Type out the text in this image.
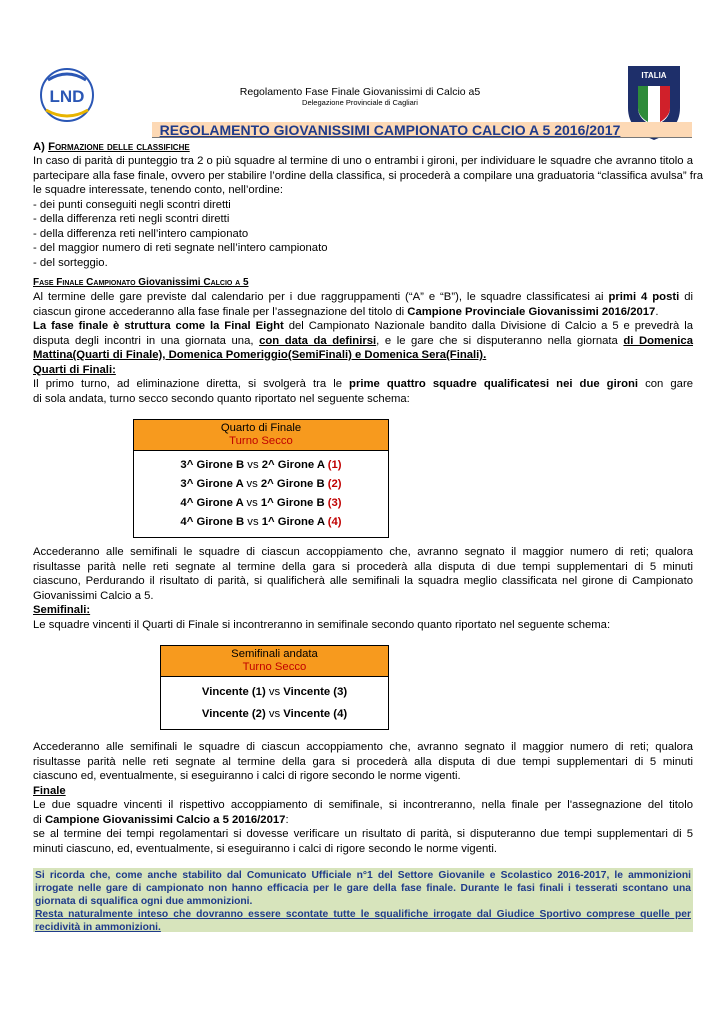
LND
ITALIA
Regolamento Fase Finale Giovanissimi di Calcio a5
Delegazione Provinciale di Cagliari
REGOLAMENTO GIOVANISSIMI CAMPIONATO CALCIO A 5 2016/2017
A) Formazione delle classifiche
In caso di parità di punteggio tra 2 o più squadre al termine di uno o entrambi i gironi, per individuare le squadre che avranno titolo a
partecipare alla fase finale, ovvero per stabilire l’ordine della classifica, si procederà a compilare una graduatoria “classifica avulsa” fra
le squadre interessate, tenendo conto, nell’ordine:
- dei punti conseguiti negli scontri diretti
- della differenza reti negli scontri diretti
- della differenza reti nell’intero campionato
- del maggior numero di reti segnate nell’intero campionato
- del sorteggio.
Fase Finale Campionato Giovanissimi Calcio a 5
Al termine delle gare previste dal calendario per i due raggruppamenti (“A” e “B”), le squadre classificatesi ai primi 4 posti di
ciascun girone accederanno alla fase finale per l’assegnazione del titolo di Campione Provinciale Giovanissimi 2016/2017.
La fase finale è struttura come la Final Eight del Campionato Nazionale bandito dalla Divisione di Calcio a 5 e prevedrà la
disputa degli incontri in una giornata una, con data da definirsi, e le gare che si disputeranno nella giornata di Domenica
Mattina(Quarti di Finale), Domenica Pomeriggio(SemiFinali) e Domenica Sera(Finali).
Quarti di Finali:
Il primo turno, ad eliminazione diretta, si svolgerà tra le prime quattro squadre qualificatesi nei due gironi con gare
di sola andata, turno secco secondo quanto riportato nel seguente schema:
Quarto di Finale
Turno Secco

3^ Girone B vs 2^ Girone A (1)
3^ Girone A vs 2^ Girone B (2)
4^ Girone A vs 1^ Girone B (3)
4^ Girone B vs 1^ Girone A (4)
Accederanno alle semifinali le squadre di ciascun accoppiamento che, avranno segnato il maggior numero di reti; qualora
risultasse parità nelle reti segnate al termine della gara si procederà alla disputa di due tempi supplementari di 5 minuti
ciascuno, Perdurando il risultato di parità, si qualificherà alle semifinali la squadra meglio classificata nel girone di Campionato
Giovanissimi Calcio a 5.
Semifinali:
Le squadre vincenti il Quarti di Finale si incontreranno in semifinale secondo quanto riportato nel seguente schema:
Semifinali andata
Turno Secco

Vincente (1) vs Vincente (3)
Vincente (2) vs Vincente (4)
Accederanno alle semifinali le squadre di ciascun accoppiamento che, avranno segnato il maggior numero di reti; qualora
risultasse parità nelle reti segnate al termine della gara si procederà alla disputa di due tempi supplementari di 5 minuti
ciascuno ed, eventualmente, si eseguiranno i calci di rigore secondo le norme vigenti.
Finale
Le due squadre vincenti il rispettivo accoppiamento di semifinale, si incontreranno, nella finale per l'assegnazione del titolo
di Campione Giovanissimi Calcio a 5 2016/2017:
se al termine dei tempi regolamentari si dovesse verificare un risultato di parità, si disputeranno due tempi supplementari di 5
minuti ciascuno, ed, eventualmente, si eseguiranno i calci di rigore secondo le norme vigenti.
Si ricorda che, come anche stabilito dal Comunicato Ufficiale n°1 del Settore Giovanile e Scolastico 2016-2017, le ammonizioni
irrogate nelle gare di campionato non hanno efficacia per le gare della fase finale. Durante le fasi finali i tesserati scontano una
giornata di squalifica ogni due ammonizioni.
Resta naturalmente inteso che dovranno essere scontate tutte le squalifiche irrogate dal Giudice Sportivo comprese quelle per
recidività in ammonizioni.
